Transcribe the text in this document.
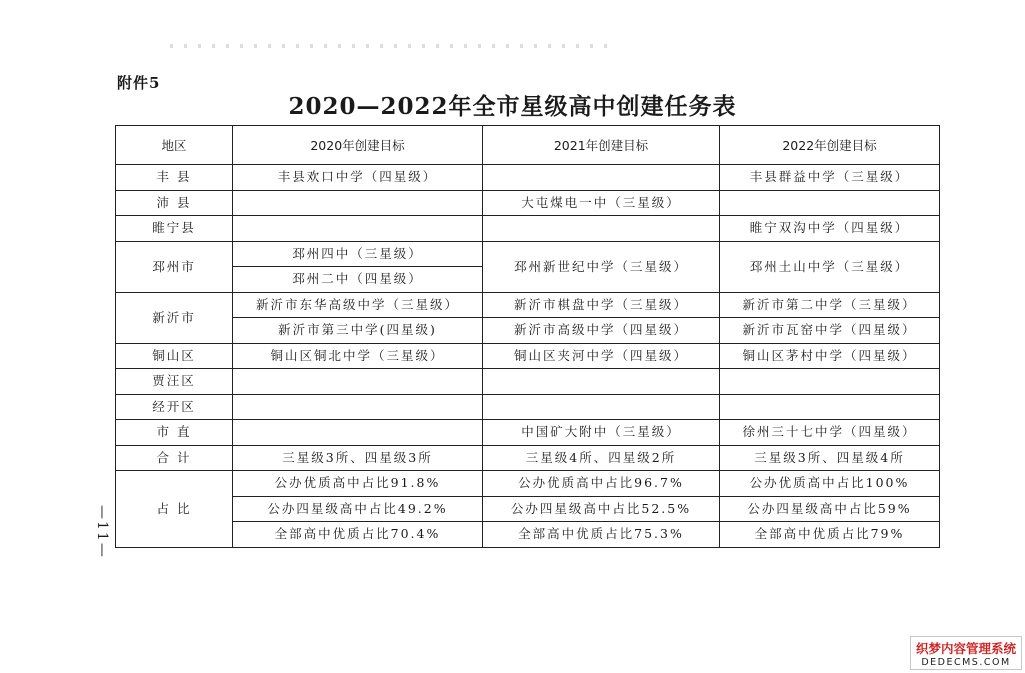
附件5
2020—2022年全市星级高中创建任务表
—11—
地区	2020年创建目标	2021年创建目标	2022年创建目标
丰 县	丰县欢口中学（四星级）		丰县群益中学（三星级）
沛 县		大屯煤电一中（三星级）	
睢宁县			睢宁双沟中学（四星级）
邳州市	邳州四中（三星级）	邳州新世纪中学（三星级）	邳州土山中学（三星级）
	邳州二中（四星级）		
新沂市	新沂市东华高级中学（三星级）	新沂市棋盘中学（三星级）	新沂市第二中学（三星级）
	新沂市第三中学(四星级)	新沂市高级中学（四星级）	新沂市瓦窑中学（四星级）
铜山区	铜山区铜北中学（三星级）	铜山区夹河中学（四星级）	铜山区茅村中学（四星级）
贾汪区			
经开区			
市 直		中国矿大附中（三星级）	徐州三十七中学（四星级）
合 计	三星级3所、四星级3所	三星级4所、四星级2所	三星级3所、四星级4所
占 比	公办优质高中占比91.8%	公办优质高中占比96.7%	公办优质高中占比100%
	公办四星级高中占比49.2%	公办四星级高中占比52.5%	公办四星级高中占比59%
	全部高中优质占比70.4%	全部高中优质占比75.3%	全部高中优质占比79%
织梦内容管理系统
DEDECMS.COM
